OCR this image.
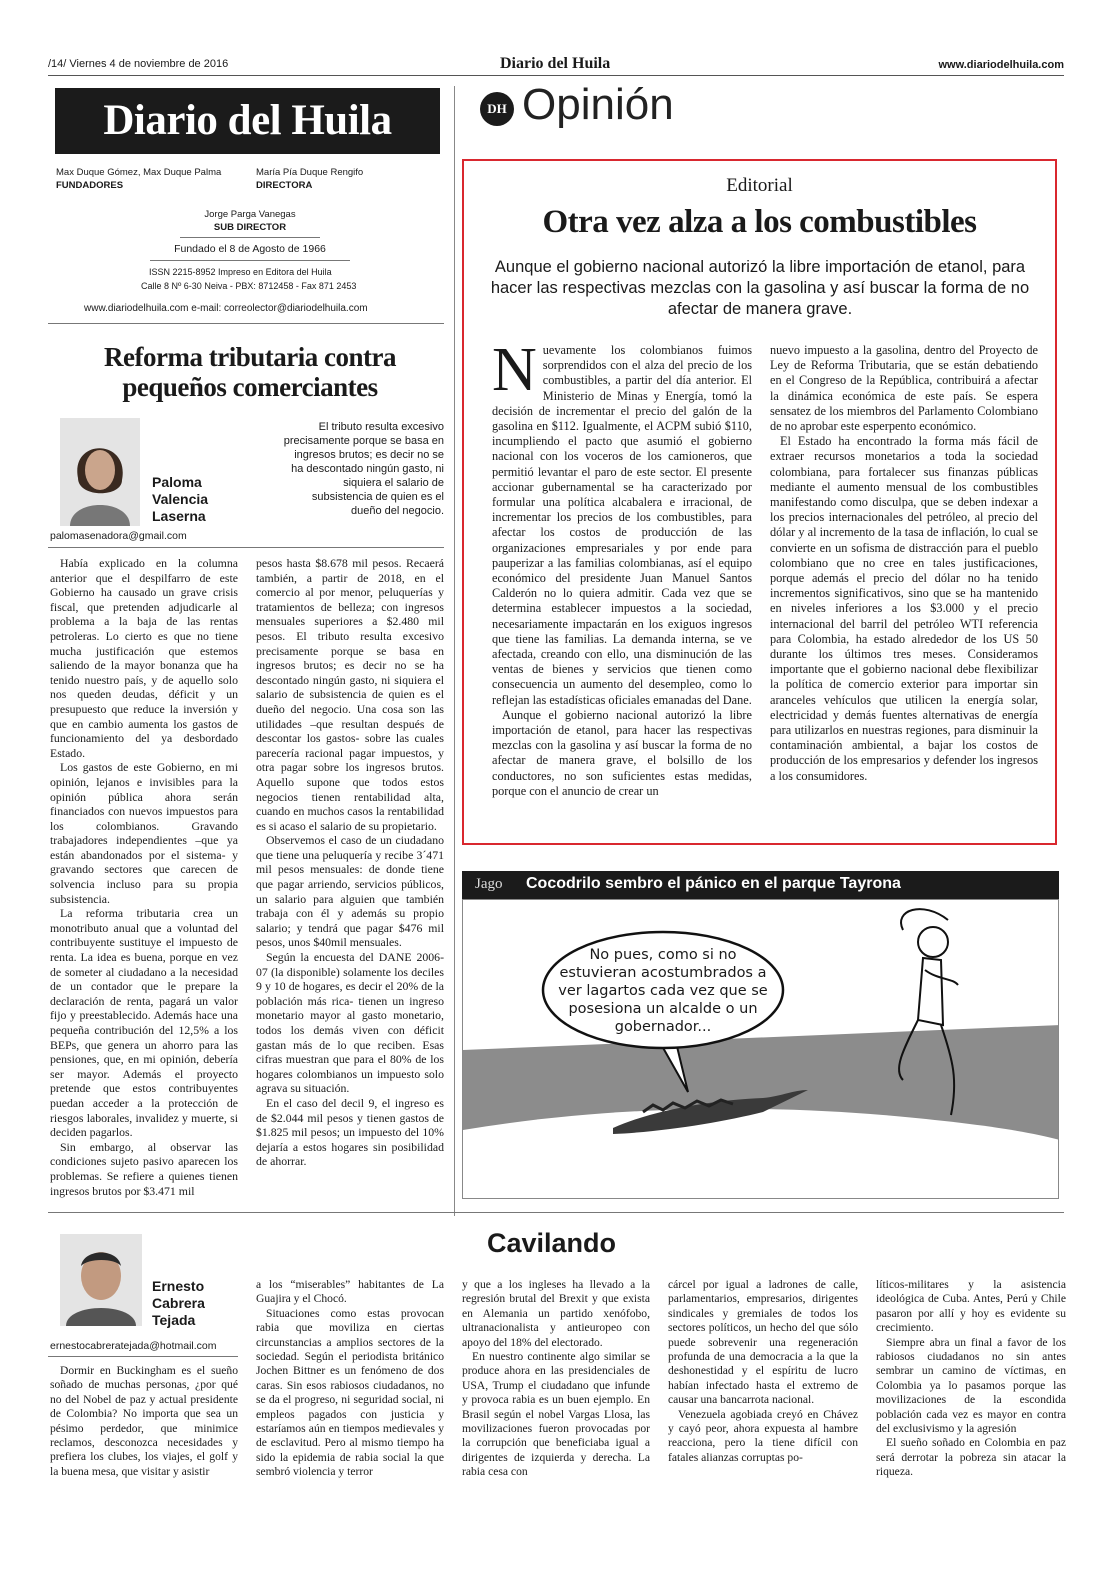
/14/ Viernes 4 de noviembre de 2016	Diario del Huila	www.diariodelhuila.com
Diario del Huila
Max Duque Gómez, Max Duque Palma
FUNDADORES
María Pía Duque Rengifo
DIRECTORA
Jorge Parga Vanegas
SUB DIRECTOR
Fundado el 8 de Agosto de 1966
ISSN 2215-8952 Impreso en Editora del Huila
Calle 8 Nº 6-30 Neiva - PBX: 8712458 - Fax 871 2453
www.diariodelhuila.com e-mail: correolector@diariodelhuila.com
DH Opinión
Editorial
Otra vez alza a los combustibles
Aunque el gobierno nacional autorizó la libre importación de etanol, para hacer las respectivas mezclas con la gasolina y así buscar la forma de no afectar de manera grave.

Nuevamente los colombianos fuimos sorprendidos con el alza del precio de los combustibles, a partir del día anterior. El Ministerio de Minas y Energía, tomó la decisión de incrementar el precio del galón de la gasolina en $112. Igualmente, el ACPM subió $110, incumpliendo el pacto que asumió el gobierno nacional con los voceros de los camioneros, que permitió levantar el paro de este sector. El presente accionar gubernamental se ha caracterizado por formular una política alcabalera e irracional, de incrementar los precios de los combustibles, para afectar los costos de producción de las organizaciones empresariales y por ende para pauperizar a las familias colombianas, así el equipo económico del presidente Juan Manuel Santos Calderón no lo quiera admitir. Cada vez que se determina establecer impuestos a la sociedad, necesariamente impactarán en los exiguos ingresos que tiene las familias. La demanda interna, se ve afectada, creando con ello, una disminución de las ventas de bienes y servicios que tienen como consecuencia un aumento del desempleo, como lo reflejan las estadísticas oficiales emanadas del Dane.

Aunque el gobierno nacional autorizó la libre importación de etanol, para hacer las respectivas mezclas con la gasolina y así buscar la forma de no afectar de manera grave, el bolsillo de los conductores, no son suficientes estas medidas, porque con el anuncio de crear un

nuevo impuesto a la gasolina, dentro del Proyecto de Ley de Reforma Tributaria, que se están debatiendo en el Congreso de la República, contribuirá a afectar la dinámica económica de este país. Se espera sensatez de los miembros del Parlamento Colombiano de no aprobar este esperpento económico.

El Estado ha encontrado la forma más fácil de extraer recursos monetarios a toda la sociedad colombiana, para fortalecer sus finanzas públicas mediante el aumento mensual de los combustibles manifestando como disculpa, que se deben indexar a los precios internacionales del petróleo, al precio del dólar y al incremento de la tasa de inflación, lo cual se convierte en un sofisma de distracción para el pueblo colombiano que no cree en tales justificaciones, porque además el precio del dólar no ha tenido incrementos significativos, sino que se ha mantenido en niveles inferiores a los $3.000 y el precio internacional del barril del petróleo WTI referencia para Colombia, ha estado alrededor de los US 50 durante los últimos tres meses. Consideramos importante que el gobierno nacional debe flexibilizar la política de comercio exterior para importar sin aranceles vehículos que utilicen la energía solar, electricidad y demás fuentes alternativas de energía para utilizarlos en nuestras regiones, para disminuir la contaminación ambiental, a bajar los costos de producción de los empresarios y defender los ingresos a los consumidores.

Reforma tributaria contra pequeños comerciantes
Paloma
Valencia
Laserna
palomasenadora@gmail.com
El tributo resulta excesivo precisamente porque se basa en ingresos brutos; es decir no se ha descontado ningún gasto, ni siquiera el salario de subsistencia de quien es el dueño del negocio.

Había explicado en la columna anterior que el despilfarro de este Gobierno ha causado un grave crisis fiscal, que pretenden adjudicarle al problema a la baja de las rentas petroleras. Lo cierto es que no tiene mucha justificación que estemos saliendo de la mayor bonanza que ha tenido nuestro país, y de aquello solo nos queden deudas, déficit y un presupuesto que reduce la inversión y que en cambio aumenta los gastos de funcionamiento del ya desbordado Estado.

Los gastos de este Gobierno, en mi opinión, lejanos e invisibles para la opinión pública ahora serán financiados con nuevos impuestos para los colombianos. Gravando trabajadores independientes –que ya están abandonados por el sistema- y gravando sectores que carecen de solvencia incluso para su propia subsistencia.

La reforma tributaria crea un monotributo anual que a voluntad del contribuyente sustituye el impuesto de renta. La idea es buena, porque en vez de someter al ciudadano a la necesidad de un contador que le prepare la declaración de renta, pagará un valor fijo y preestablecido. Además hace una pequeña contribución del 12,5% a los BEPs, que genera un ahorro para las pensiones, que, en mi opinión, debería ser mayor. Además el proyecto pretende que estos contribuyentes puedan acceder a la protección de riesgos laborales, invalidez y muerte, si deciden pagarlos.

Sin embargo, al observar las condiciones sujeto pasivo aparecen los problemas. Se refiere a quienes tienen ingresos brutos por $3.471 mil

pesos hasta $8.678 mil pesos. Recaerá también, a partir de 2018, en el comercio al por menor, peluquerías y tratamientos de belleza; con ingresos mensuales superiores a $2.480 mil pesos. El tributo resulta excesivo precisamente porque se basa en ingresos brutos; es decir no se ha descontado ningún gasto, ni siquiera el salario de subsistencia de quien es el dueño del negocio. Una cosa son las utilidades –que resultan después de descontar los gastos- sobre las cuales parecería racional pagar impuestos, y otra pagar sobre los ingresos brutos. Aquello supone que todos estos negocios tienen rentabilidad alta, cuando en muchos casos la rentabilidad es si acaso el salario de su propietario.

Observemos el caso de un ciudadano que tiene una peluquería y recibe 3´471 mil pesos mensuales: de donde tiene que pagar arriendo, servicios públicos, un salario para alguien que también trabaja con él y además su propio salario; y tendrá que pagar $476 mil pesos, unos $40mil mensuales.

Según la encuesta del DANE 2006-07 (la disponible) solamente los deciles 9 y 10 de hogares, es decir el 20% de la población más rica- tienen un ingreso monetario mayor al gasto monetario, todos los demás viven con déficit gastan más de lo que reciben. Esas cifras muestran que para el 80% de los hogares colombianos un impuesto solo agrava su situación.

En el caso del decil 9, el ingreso es de $2.044 mil pesos y tienen gastos de $1.825 mil pesos; un impuesto del 10% dejaría a estos hogares sin posibilidad de ahorrar.

Jago Cocodrilo sembro el pánico en el parque Tayrona
No pues, como si no estuvieran acostumbrados a ver lagartos cada vez que se posesiona un alcalde o un gobernador...
Cavilando
Ernesto
Cabrera
Tejada
ernestocabreratejada@hotmail.com

Dormir en Buckingham es el sueño soñado de muchas personas, ¿por qué no del Nobel de paz y actual presidente de Colombia? No importa que sea un pésimo perdedor, que minimice reclamos, desconozca necesidades y prefiera los clubes, los viajes, el golf y la buena mesa, que visitar y asistir

a los “miserables” habitantes de La Guajira y el Chocó.

Situaciones como estas provocan rabia que moviliza en ciertas circunstancias a amplios sectores de la sociedad. Según el periodista británico Jochen Bittner es un fenómeno de dos caras. Sin esos rabiosos ciudadanos, no se da el progreso, ni seguridad social, ni empleos pagados con justicia y estaríamos aún en tiempos medievales y de esclavitud. Pero al mismo tiempo ha sido la epidemia de rabia social la que sembró violencia y terror

y que a los ingleses ha llevado a la regresión brutal del Brexit y que exista en Alemania un partido xenófobo, ultranacionalista y antieuropeo con apoyo del 18% del electorado.

En nuestro continente algo similar se produce ahora en las presidenciales de USA, Trump el ciudadano que infunde y provoca rabia es un buen ejemplo. En Brasil según el nobel Vargas Llosa, las movilizaciones fueron provocadas por la corrupción que beneficiaba igual a dirigentes de izquierda y derecha. La rabia cesa con

cárcel por igual a ladrones de calle, parlamentarios, empresarios, dirigentes sindicales y gremiales de todos los sectores políticos, un hecho del que sólo puede sobrevenir una regeneración profunda de una democracia a la que la deshonestidad y el espíritu de lucro habían infectado hasta el extremo de causar una bancarrota nacional.

Venezuela agobiada creyó en Chávez y cayó peor, ahora expuesta al hambre reacciona, pero la tiene difícil con fatales alianzas corruptas po-

líticos-militares y la asistencia ideológica de Cuba. Antes, Perú y Chile pasaron por allí y hoy es evidente su crecimiento.

Siempre abra un final a favor de los rabiosos ciudadanos no sin antes sembrar un camino de víctimas, en Colombia ya lo pasamos porque las movilizaciones de la escondida población cada vez es mayor en contra del exclusivismo y la agresión

El sueño soñado en Colombia en paz será derrotar la pobreza sin atacar la riqueza.
